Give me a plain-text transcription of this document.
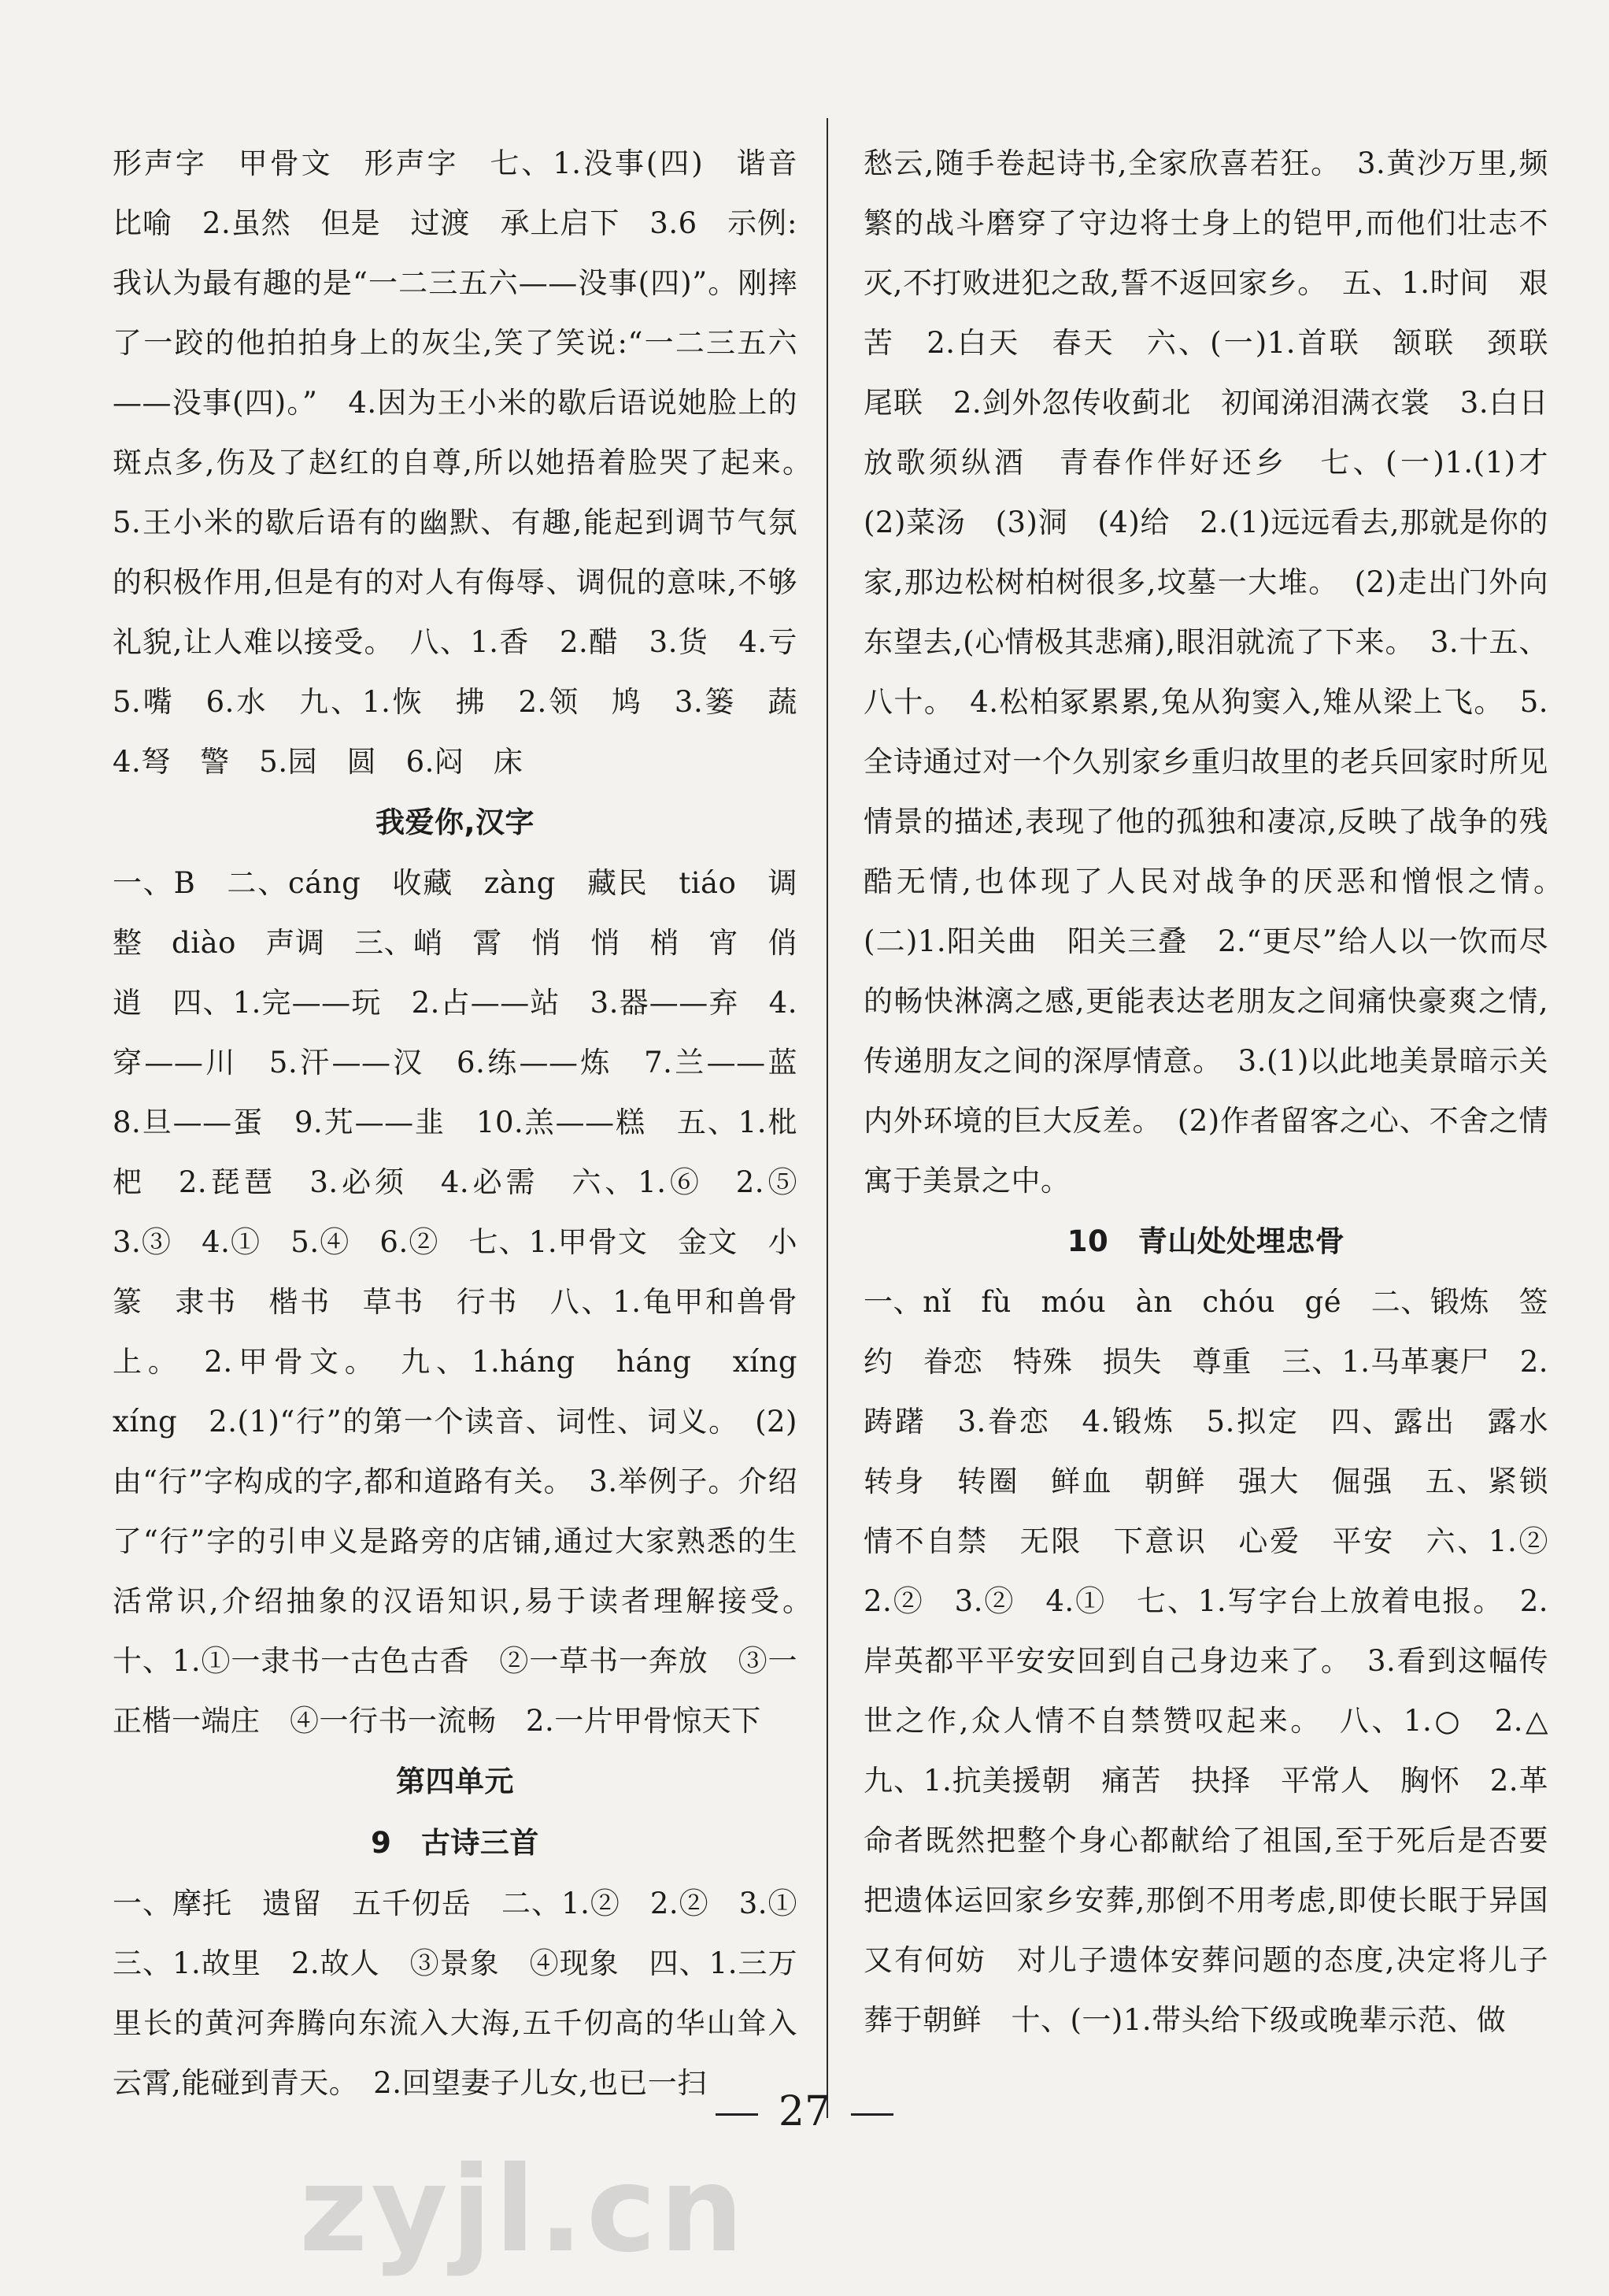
形声字　甲骨文　形声字　七、1.没事(四)　谐音　比喻　2.虽然　但是　过渡　承上启下　3.6　示例:我认为最有趣的是“一二三五六——没事(四)”。刚摔了一跤的他拍拍身上的灰尘,笑了笑说:“一二三五六——没事(四)。”　4.因为王小米的歇后语说她脸上的斑点多,伤及了赵红的自尊,所以她捂着脸哭了起来。　5.王小米的歇后语有的幽默、有趣,能起到调节气氛的积极作用,但是有的对人有侮辱、调侃的意味,不够礼貌,让人难以接受。　八、1.香　2.醋　3.货　4.亏　5.嘴　6.水　九、1.恢　拂　2.领　鸠　3.篓　蔬　4.弩　警　5.园　圆　6.闷　床

我爱你,汉字

一、B　二、cáng　收藏　zàng　藏民　tiáo　调整　diào　声调　三、峭　霄　悄　悄　梢　宵　俏　逍　四、1.完——玩　2.占——站　3.器——弃　4.穿——川　5.汗——汉　6.练——炼　7.兰——蓝　8.旦——蛋　9.艽——韭　10.羔——糕　五、1.枇杷　2.琵琶　3.必须　4.必需　六、1.⑥　2.⑤　3.③　4.①　5.④　6.②　七、1.甲骨文　金文　小篆　隶书　楷书　草书　行书　八、1.龟甲和兽骨上。　2.甲骨文。　九、1.háng　háng　xíng　xíng　2.(1)“行”的第一个读音、词性、词义。　(2)由“行”字构成的字,都和道路有关。　3.举例子。介绍了“行”字的引申义是路旁的店铺,通过大家熟悉的生活常识,介绍抽象的汉语知识,易于读者理解接受。　十、1.①一隶书一古色古香　②一草书一奔放　③一正楷一端庄　④一行书一流畅　2.一片甲骨惊天下

第四单元

9　古诗三首

一、摩托　遗留　五千仞岳　二、1.②　2.②　3.①　三、1.故里　2.故人　③景象　④现象　四、1.三万里长的黄河奔腾向东流入大海,五千仞高的华山耸入云霄,能碰到青天。　2.回望妻子儿女,也已一扫

愁云,随手卷起诗书,全家欣喜若狂。　3.黄沙万里,频繁的战斗磨穿了守边将士身上的铠甲,而他们壮志不灭,不打败进犯之敌,誓不返回家乡。　五、1.时间　艰苦　2.白天　春天　六、(一)1.首联　颔联　颈联　尾联　2.剑外忽传收蓟北　初闻涕泪满衣裳　3.白日放歌须纵酒　青春作伴好还乡　七、(一)1.(1)才　(2)菜汤　(3)洞　(4)给　2.(1)远远看去,那就是你的家,那边松树柏树很多,坟墓一大堆。　(2)走出门外向东望去,(心情极其悲痛),眼泪就流了下来。　3.十五、八十。　4.松柏冢累累,兔从狗窦入,雉从梁上飞。　5.全诗通过对一个久别家乡重归故里的老兵回家时所见情景的描述,表现了他的孤独和凄凉,反映了战争的残酷无情,也体现了人民对战争的厌恶和憎恨之情。　(二)1.阳关曲　阳关三叠　2.“更尽”给人以一饮而尽的畅快淋漓之感,更能表达老朋友之间痛快豪爽之情,传递朋友之间的深厚情意。　3.(1)以此地美景暗示关内外环境的巨大反差。　(2)作者留客之心、不舍之情寓于美景之中。

10　青山处处埋忠骨

一、nǐ　fù　móu　àn　chóu　gé　二、锻炼　签约　眷恋　特殊　损失　尊重　三、1.马革裹尸　2.踌躇　3.眷恋　4.锻炼　5.拟定　四、露出　露水　转身　转圈　鲜血　朝鲜　强大　倔强　五、紧锁　情不自禁　无限　下意识　心爱　平安　六、1.②　2.②　3.②　4.①　七、1.写字台上放着电报。　2.岸英都平平安安回到自己身边来了。　3.看到这幅传世之作,众人情不自禁赞叹起来。　八、1.○　2.△　九、1.抗美援朝　痛苦　抉择　平常人　胸怀　2.革命者既然把整个身心都献给了祖国,至于死后是否要把遗体运回家乡安葬,那倒不用考虑,即使长眠于异国又有何妨　对儿子遗体安葬问题的态度,决定将儿子葬于朝鲜　十、(一)1.带头给下级或晚辈示范、做

27
zyjl.cn
